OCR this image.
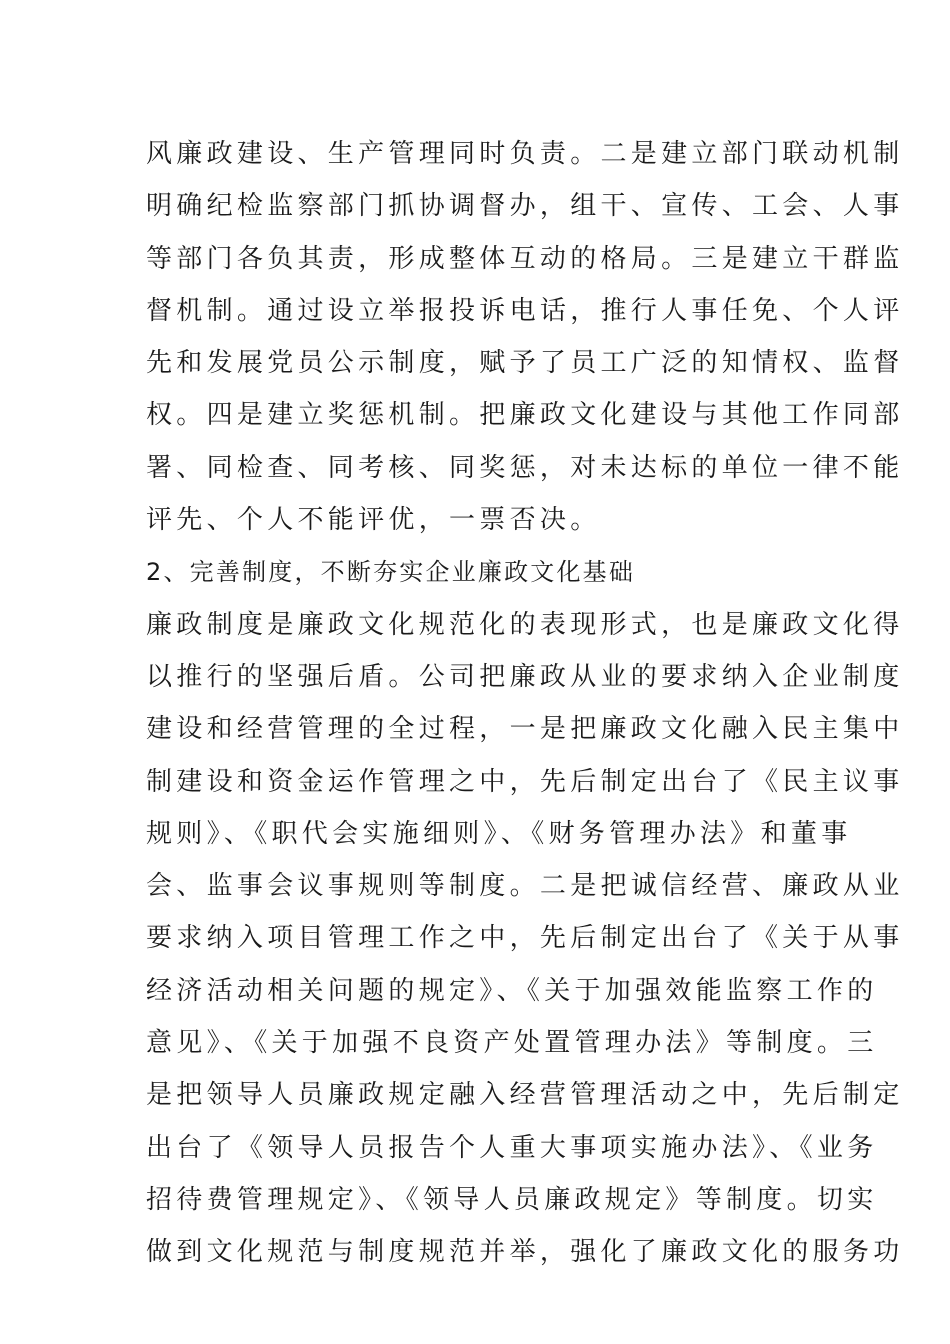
风廉政建设、生产管理同时负责。二是建立部门联动机制
明确纪检监察部门抓协调督办，组干、宣传、工会、人事
等部门各负其责，形成整体互动的格局。三是建立干群监
督机制。通过设立举报投诉电话，推行人事任免、个人评
先和发展党员公示制度，赋予了员工广泛的知情权、监督
权。四是建立奖惩机制。把廉政文化建设与其他工作同部
署、同检查、同考核、同奖惩，对未达标的单位一律不能
评先、个人不能评优，一票否决。
2、完善制度，不断夯实企业廉政文化基础
廉政制度是廉政文化规范化的表现形式，也是廉政文化得
以推行的坚强后盾。公司把廉政从业的要求纳入企业制度
建设和经营管理的全过程，一是把廉政文化融入民主集中
制建设和资金运作管理之中，先后制定出台了《民主议事
规则》、《职代会实施细则》、《财务管理办法》和董事
会、监事会议事规则等制度。二是把诚信经营、廉政从业
要求纳入项目管理工作之中，先后制定出台了《关于从事
经济活动相关问题的规定》、《关于加强效能监察工作的
意见》、《关于加强不良资产处置管理办法》等制度。三
是把领导人员廉政规定融入经营管理活动之中，先后制定
出台了《领导人员报告个人重大事项实施办法》、《业务
招待费管理规定》、《领导人员廉政规定》等制度。切实
做到文化规范与制度规范并举，强化了廉政文化的服务功
